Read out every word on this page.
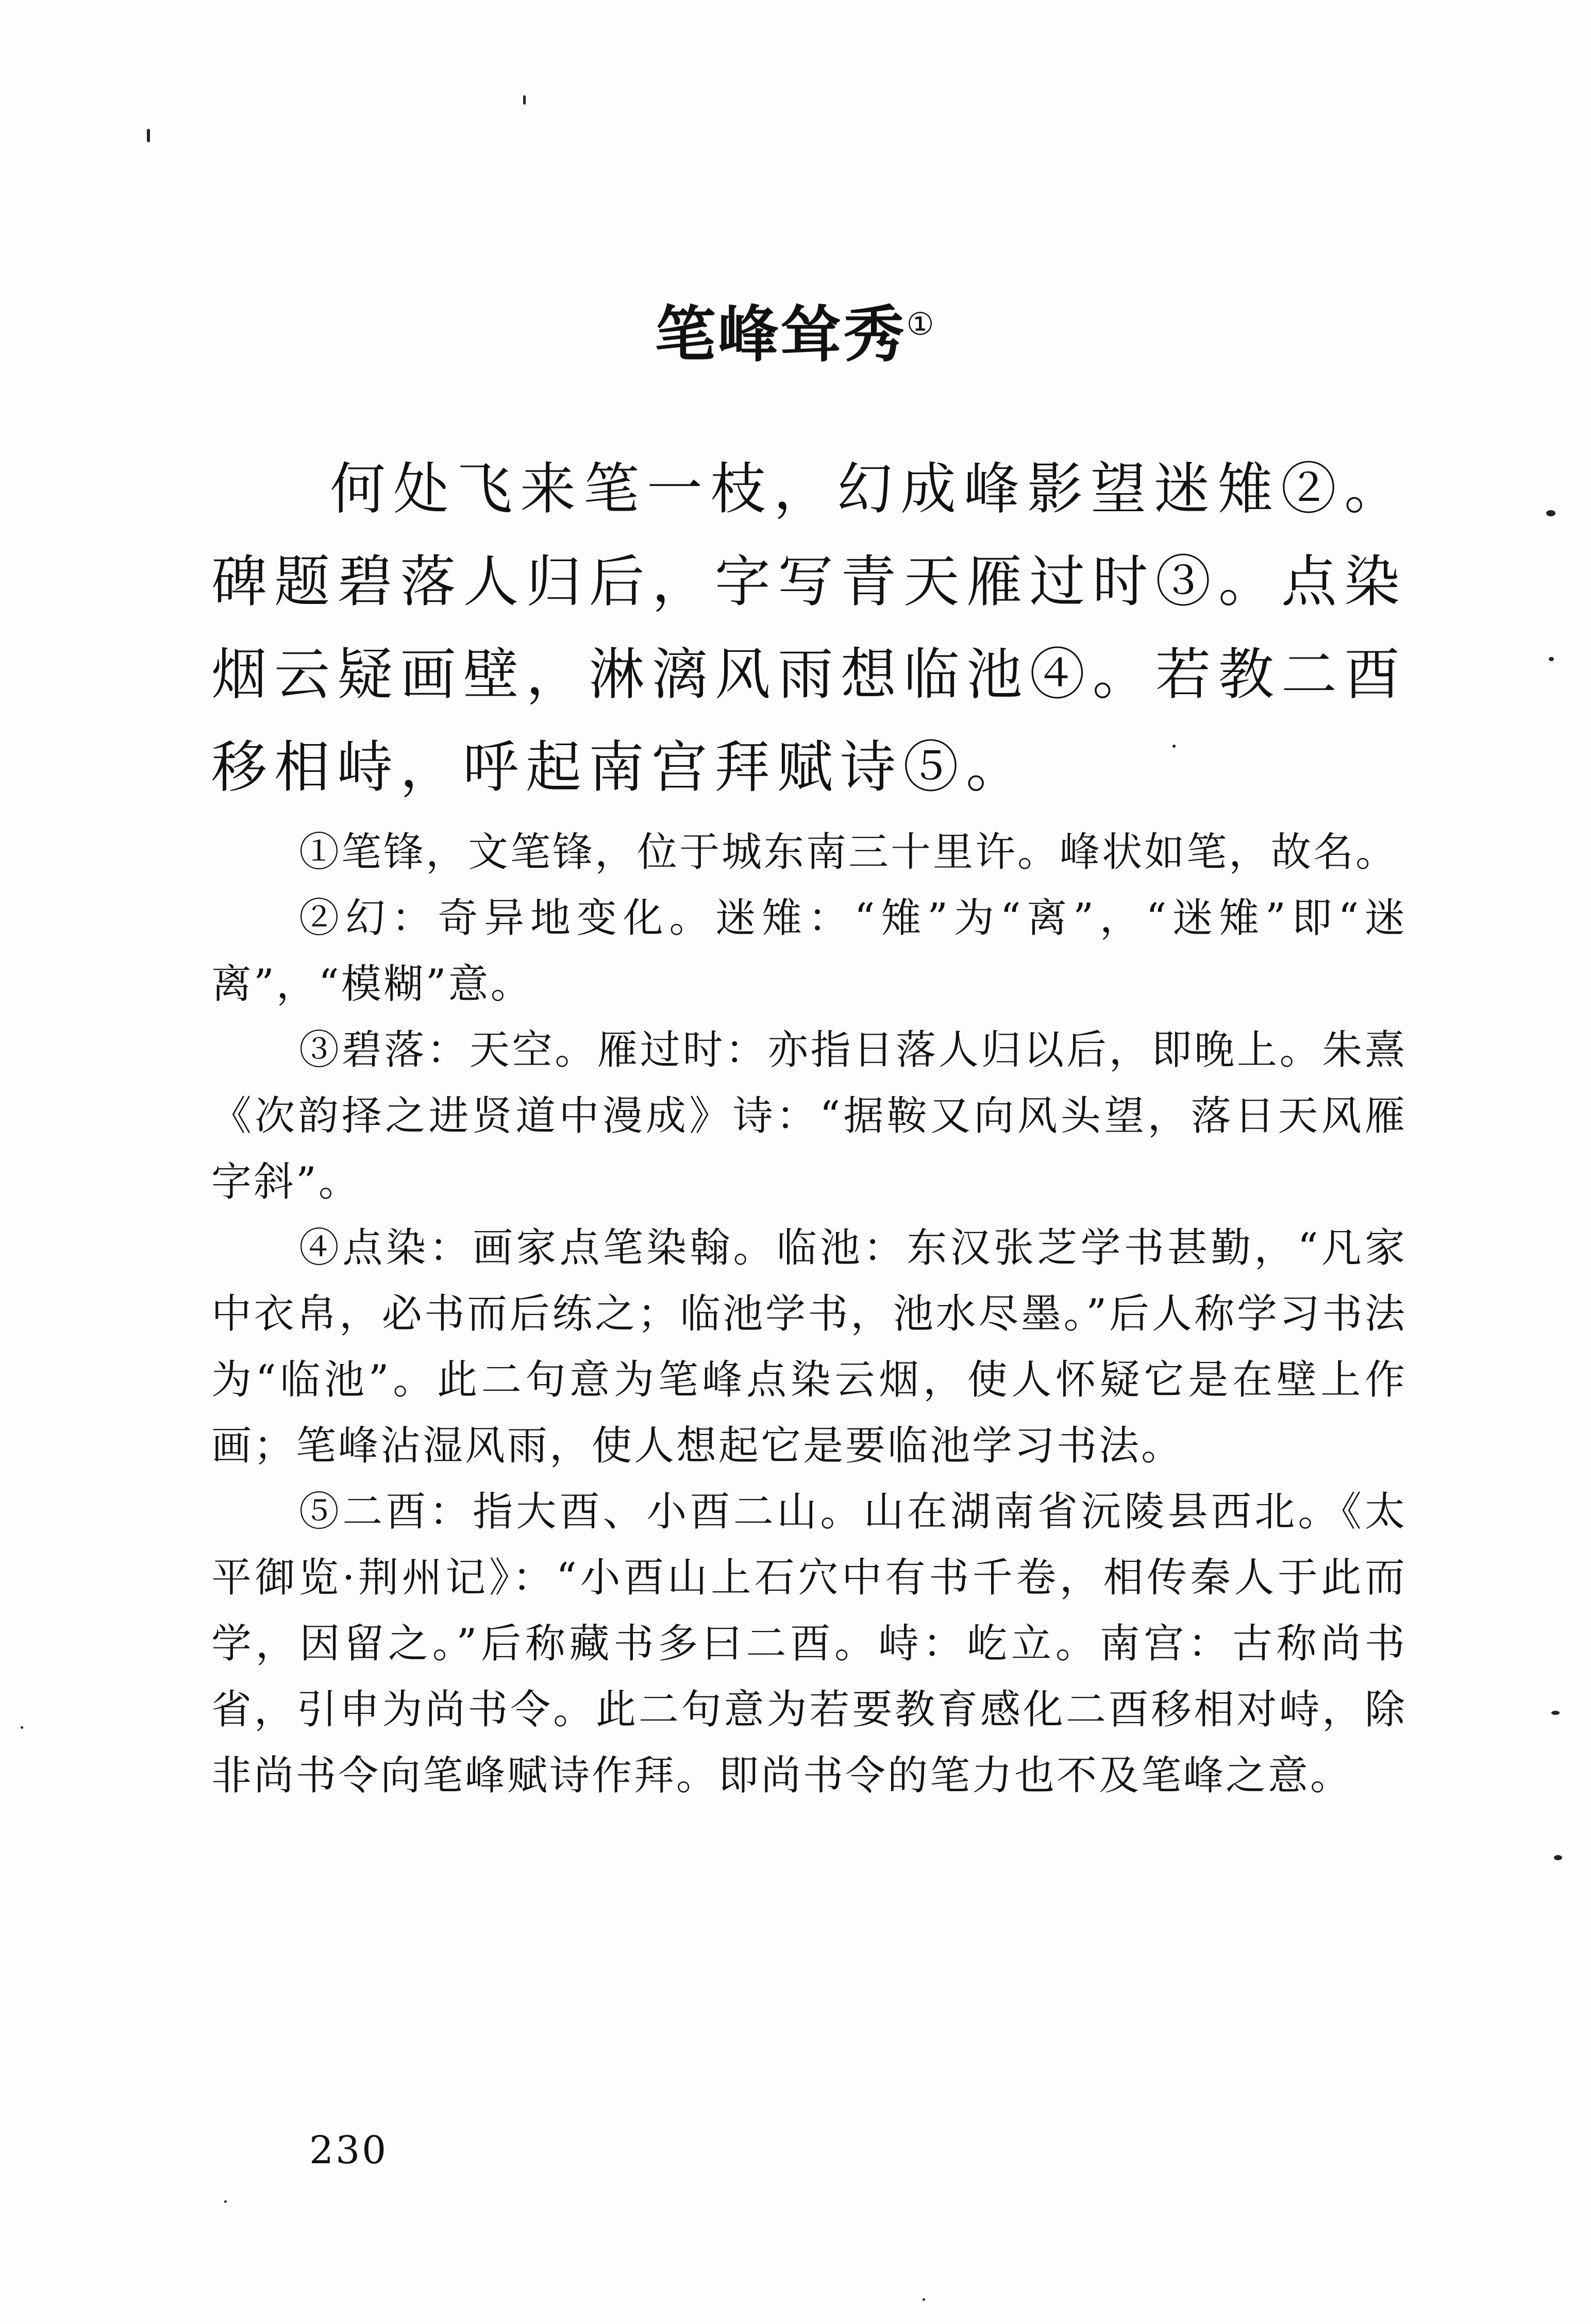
笔峰耸秀①

何处飞来笔一枝，幻成峰影望迷雉②。碑题碧落人归后，字写青天雁过时③。点染烟云疑画壁，淋漓风雨想临池④。若教二酉移相峙，呼起南宫拜赋诗⑤。

①笔锋，文笔锋，位于城东南三十里许。峰状如笔，故名。

②幻：奇异地变化。迷雉：“雉”为“离”，“迷雉”即“迷离”，“模糊”意。

③碧落：天空。雁过时：亦指日落人归以后，即晚上。朱熹《次韵择之进贤道中漫成》诗：“据鞍又向风头望，落日天风雁字斜”。

④点染：画家点笔染翰。临池：东汉张芝学书甚勤，“凡家中衣帛，必书而后练之；临池学书，池水尽墨。”后人称学习书法为“临池”。此二句意为笔峰点染云烟，使人怀疑它是在壁上作画；笔峰沾湿风雨，使人想起它是要临池学习书法。

⑤二酉：指大酉、小酉二山。山在湖南省沅陵县西北。《太平御览·荆州记》：“小酉山上石穴中有书千卷，相传秦人于此而学，因留之。”后称藏书多曰二酉。峙：屹立。南宫：古称尚书省，引申为尚书令。此二句意为若要教育感化二酉移相对峙，除非尚书令向笔峰赋诗作拜。即尚书令的笔力也不及笔峰之意。

230
